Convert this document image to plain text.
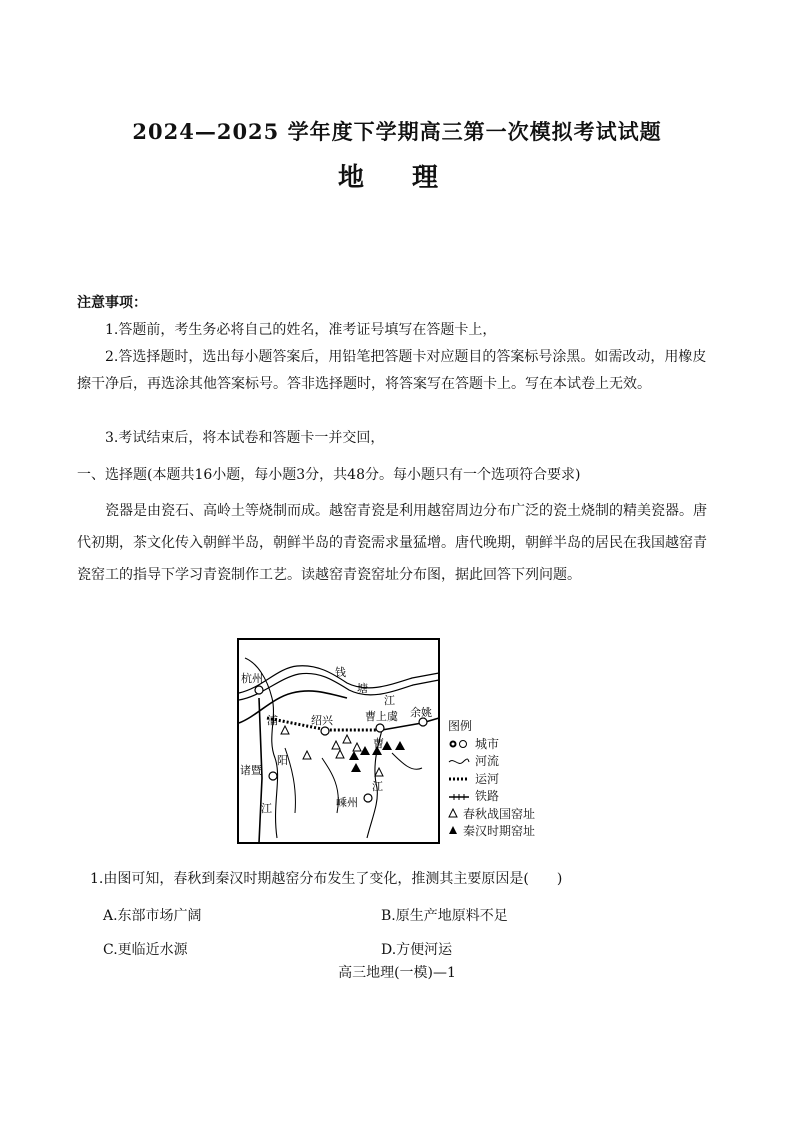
2024—2025 学年度下学期高三第一次模拟考试试题
地理
注意事项：
1.答题前，考生务必将自己的姓名，准考证号填写在答题卡上，
2.答选择题时，选出每小题答案后，用铅笔把答题卡对应题目的答案标号涂黑。如需改动，用橡皮擦干净后，再选涂其他答案标号。答非选择题时，将答案写在答题卡上。写在本试卷上无效。
3.考试结束后，将本试卷和答题卡一并交回，
一、选择题(本题共16小题，每小题3分，共48分。每小题只有一个选项符合要求)
瓷器是由瓷石、高岭土等烧制而成。越窑青瓷是利用越窑周边分布广泛的瓷土烧制的精美瓷器。唐代初期，茶文化传入朝鲜半岛，朝鲜半岛的青瓷需求量猛增。唐代晚期，朝鲜半岛的居民在我国越窑青瓷窑工的指导下学习青瓷制作工艺。读越窑青瓷窑址分布图，据此回答下列问题。
杭州	钱
塘
江
浦	绍兴	曹上虞 余姚
曹
阳
诸暨
江
江	嵊州
图例
城市
河流
运河
铁路
春秋战国窑址
秦汉时期窑址
1.由图可知，春秋到秦汉时期越窑分布发生了变化，推测其主要原因是(　　)
A.东部市场广阔	B.原生产地原料不足
C.更临近水源	D.方便河运
高三地理(一模)—1
